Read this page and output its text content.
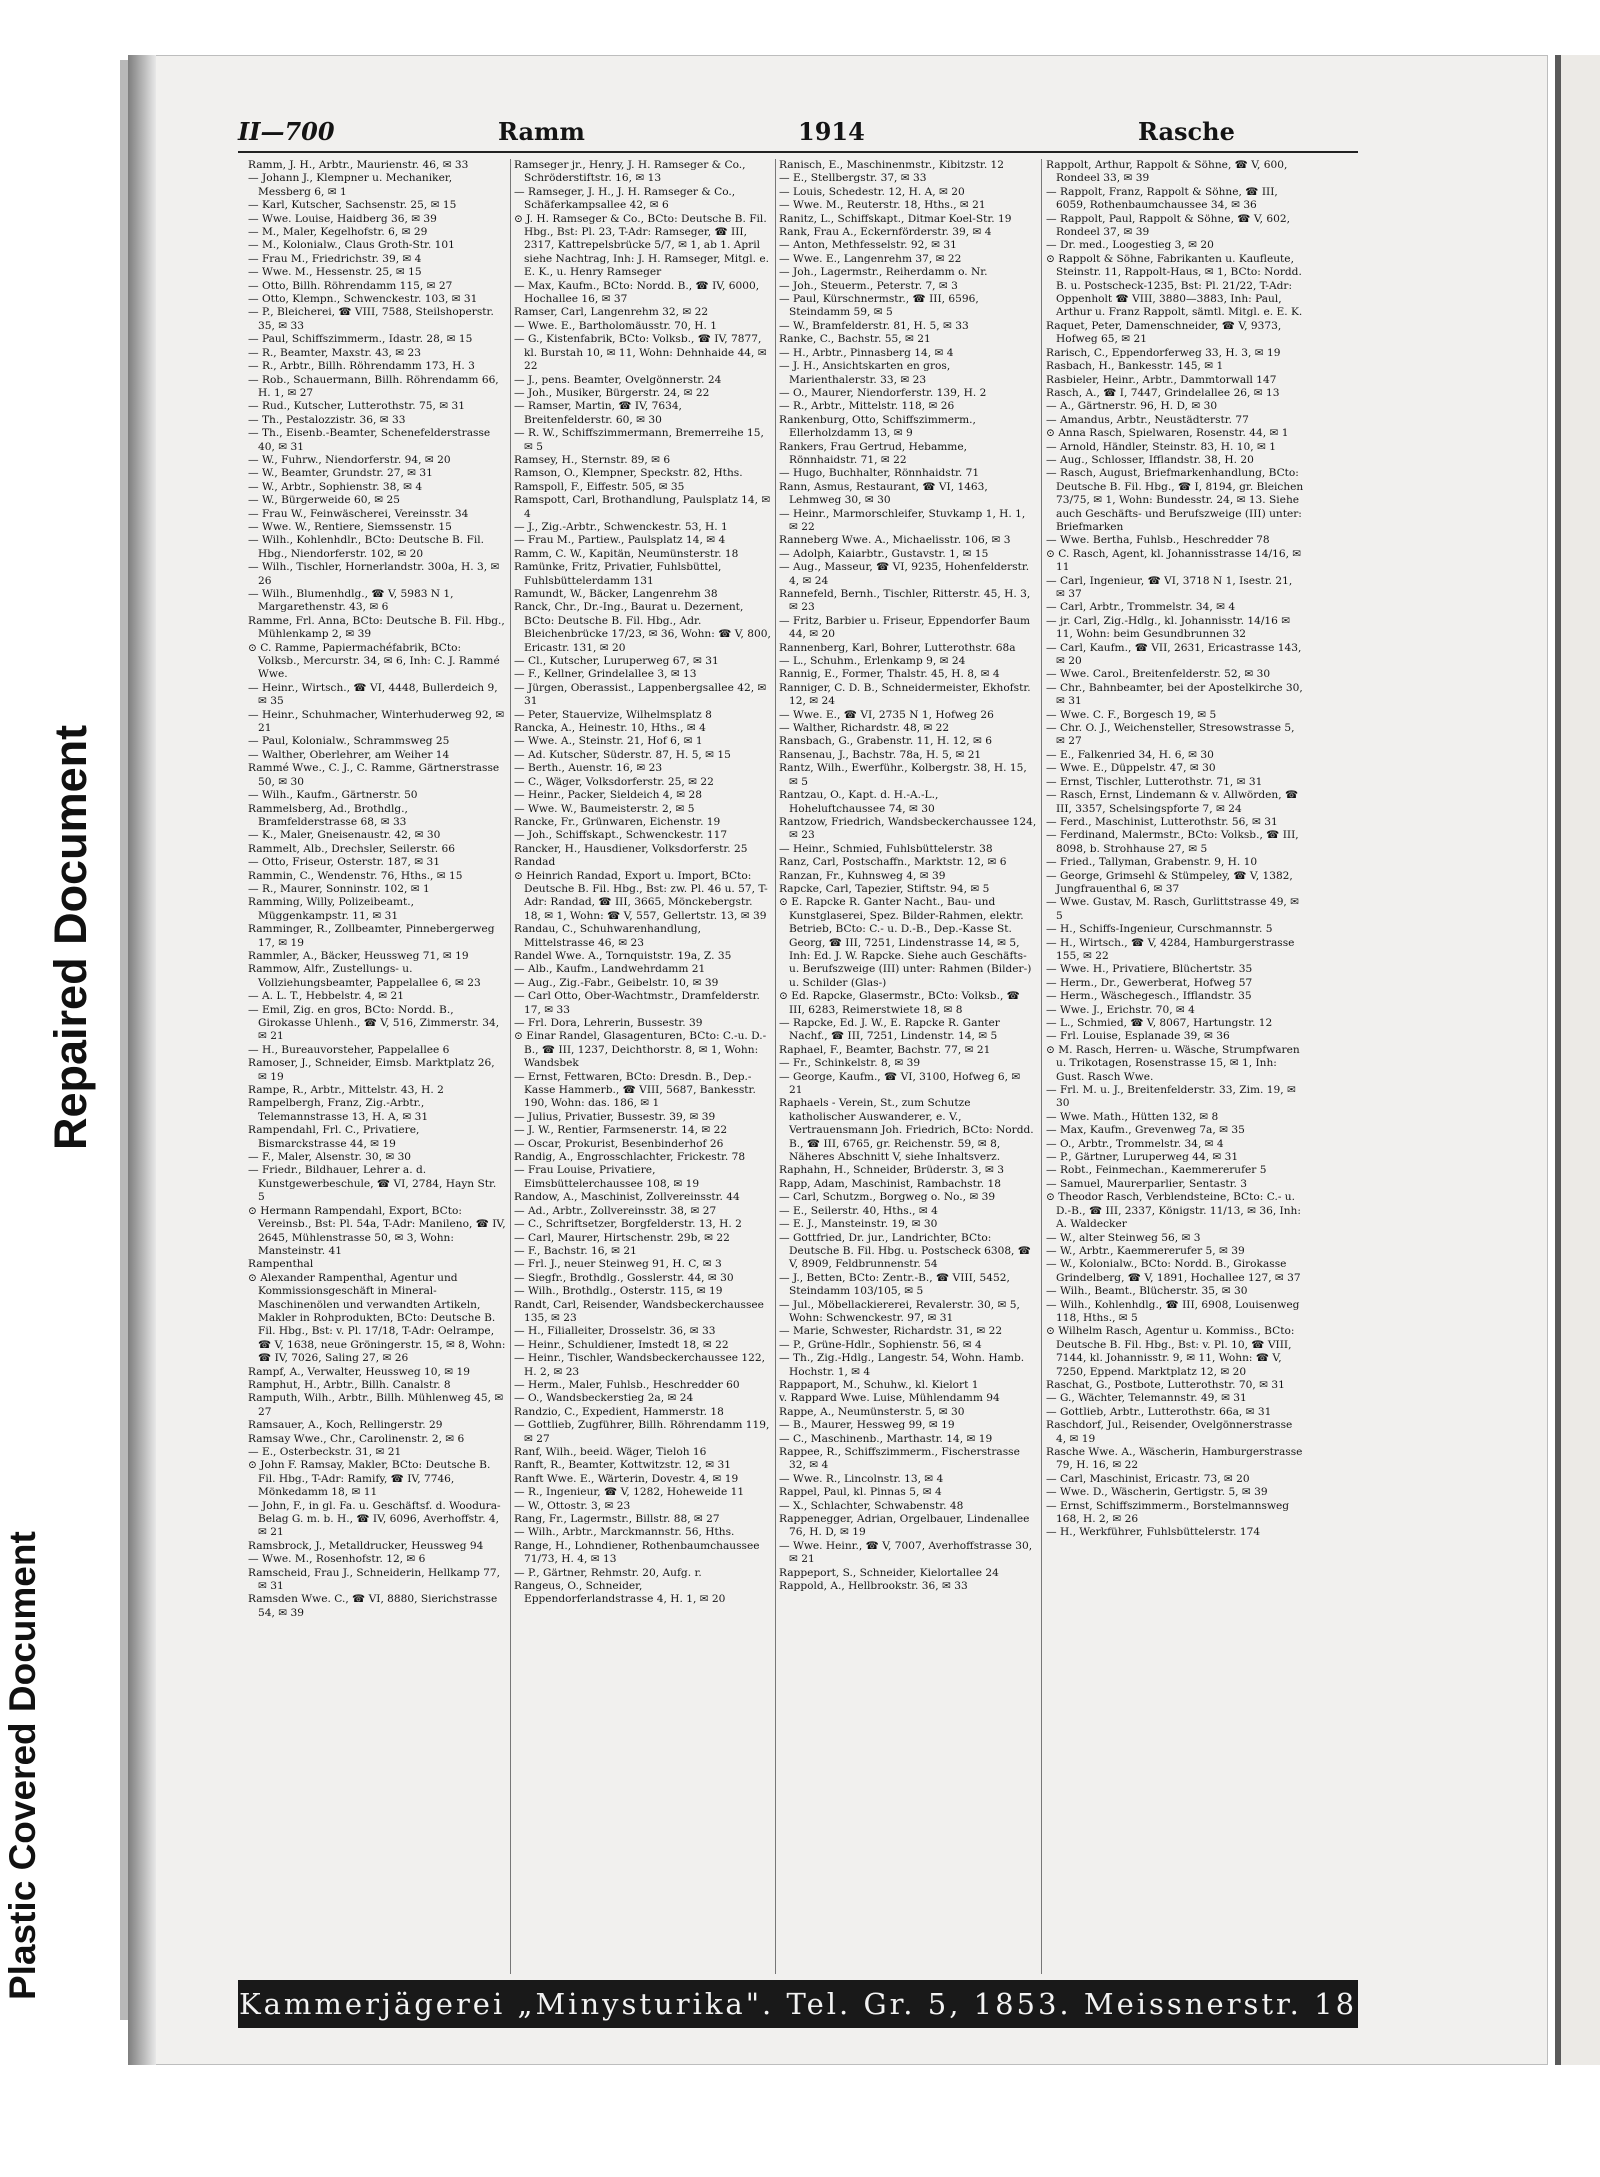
Plastic Covered Document
Repaired Document
II—700	Ramm	1914	Rasche

Ramm, J. H., Arbtr., Maurienstr. 46, ✉ 33

— Johann J., Klempner u. Mechaniker, Messberg 6, ✉ 1

— Karl, Kutscher, Sachsenstr. 25, ✉ 15

— Wwe. Louise, Haidberg 36, ✉ 39

— M., Maler, Kegelhofstr. 6, ✉ 29

— M., Kolonialw., Claus Groth-Str. 101

— Frau M., Friedrichstr. 39, ✉ 4

— Wwe. M., Hessenstr. 25, ✉ 15

— Otto, Billh. Röhrendamm 115, ✉ 27

— Otto, Klempn., Schwenckestr. 103, ✉ 31

— P., Bleicherei, ☎ VIII, 7588, Steilshoperstr. 35, ✉ 33

— Paul, Schiffszimmerm., Idastr. 28, ✉ 15

— R., Beamter, Maxstr. 43, ✉ 23

— R., Arbtr., Billh. Röhrendamm 173, H. 3

— Rob., Schauermann, Billh. Röhrendamm 66, H. 1, ✉ 27

— Rud., Kutscher, Lutterothstr. 75, ✉ 31

— Th., Pestalozzistr. 36, ✉ 33

— Th., Eisenb.-Beamter, Schenefelderstrasse 40, ✉ 31

— W., Fuhrw., Niendorferstr. 94, ✉ 20

— W., Beamter, Grundstr. 27, ✉ 31

— W., Arbtr., Sophienstr. 38, ✉ 4

— W., Bürgerweide 60, ✉ 25

— Frau W., Feinwäscherei, Vereinsstr. 34

— Wwe. W., Rentiere, Siemssenstr. 15

— Wilh., Kohlenhdlr., BCto: Deutsche B. Fil. Hbg., Niendorferstr. 102, ✉ 20

— Wilh., Tischler, Hornerlandstr. 300a, H. 3, ✉ 26

— Wilh., Blumenhdlg., ☎ V, 5983 N 1, Margarethenstr. 43, ✉ 6

Ramme, Frl. Anna, BCto: Deutsche B. Fil. Hbg., Mühlenkamp 2, ✉ 39

⊙ C. Ramme, Papiermachéfabrik, BCto: Volksb., Mercurstr. 34, ✉ 6, Inh: C. J. Rammé Wwe.

— Heinr., Wirtsch., ☎ VI, 4448, Bullerdeich 9, ✉ 35

— Heinr., Schuhmacher, Winterhuderweg 92, ✉ 21

— Paul, Kolonialw., Schrammsweg 25

— Walther, Oberlehrer, am Weiher 14

Rammé Wwe., C. J., C. Ramme, Gärtnerstrasse 50, ✉ 30

— Wilh., Kaufm., Gärtnerstr. 50

Rammelsberg, Ad., Brothdlg., Bramfelderstrasse 68, ✉ 33

— K., Maler, Gneisenaustr. 42, ✉ 30

Rammelt, Alb., Drechsler, Seilerstr. 66

— Otto, Friseur, Osterstr. 187, ✉ 31

Rammin, C., Wendenstr. 76, Hths., ✉ 15

— R., Maurer, Sonninstr. 102, ✉ 1

Ramming, Willy, Polizeibeamt., Müggenkampstr. 11, ✉ 31

Ramminger, R., Zollbeamter, Pinnebergerweg 17, ✉ 19

Rammler, A., Bäcker, Heussweg 71, ✉ 19

Rammow, Alfr., Zustellungs- u. Vollziehungsbeamter, Pappelallee 6, ✉ 23

— A. L. T., Hebbelstr. 4, ✉ 21

— Emil, Zig. en gros, BCto: Nordd. B., Girokasse Uhlenh., ☎ V, 516, Zimmerstr. 34, ✉ 21

— H., Bureauvorsteher, Pappelallee 6

Ramoser, J., Schneider, Eimsb. Marktplatz 26, ✉ 19

Rampe, R., Arbtr., Mittelstr. 43, H. 2

Rampelbergh, Franz, Zig.-Arbtr., Telemannstrasse 13, H. A, ✉ 31

Rampendahl, Frl. C., Privatiere, Bismarckstrasse 44, ✉ 19

— F., Maler, Alsenstr. 30, ✉ 30

— Friedr., Bildhauer, Lehrer a. d. Kunstgewerbeschule, ☎ VI, 2784, Hayn Str. 5

⊙ Hermann Rampendahl, Export, BCto: Vereinsb., Bst: Pl. 54a, T-Adr: Manileno, ☎ IV, 2645, Mühlenstrasse 50, ✉ 3, Wohn: Mansteinstr. 41

Rampenthal

⊙ Alexander Rampenthal, Agentur und Kommissionsgeschäft in Mineral-Maschinenölen und verwandten Artikeln, Makler in Rohprodukten, BCto: Deutsche B. Fil. Hbg., Bst: v. Pl. 17/18, T-Adr: Oelrampe, ☎ V, 1638, neue Gröningerstr. 15, ✉ 8, Wohn: ☎ IV, 7026, Saling 27, ✉ 26

Rampf, A., Verwalter, Heussweg 10, ✉ 19

Ramphut, H., Arbtr., Billh. Canalstr. 8

Ramputh, Wilh., Arbtr., Billh. Mühlenweg 45, ✉ 27

Ramsauer, A., Koch, Rellingerstr. 29

Ramsay Wwe., Chr., Carolinenstr. 2, ✉ 6

— E., Osterbeckstr. 31, ✉ 21

⊙ John F. Ramsay, Makler, BCto: Deutsche B. Fil. Hbg., T-Adr: Ramify, ☎ IV, 7746, Mönkedamm 18, ✉ 11

— John, F., in gl. Fa. u. Geschäftsf. d. Woodura-Belag G. m. b. H., ☎ IV, 6096, Averhoffstr. 4, ✉ 21

Ramsbrock, J., Metalldrucker, Heussweg 94

— Wwe. M., Rosenhofstr. 12, ✉ 6

Ramscheid, Frau J., Schneiderin, Hellkamp 77, ✉ 31

Ramsden Wwe. C., ☎ VI, 8880, Sierichstrasse 54, ✉ 39

Ramseger jr., Henry, J. H. Ramseger & Co., Schröderstiftstr. 16, ✉ 13

— Ramseger, J. H., J. H. Ramseger & Co., Schäferkampsallee 42, ✉ 6

⊙ J. H. Ramseger & Co., BCto: Deutsche B. Fil. Hbg., Bst: Pl. 23, T-Adr: Ramseger, ☎ III, 2317, Kattrepelsbrücke 5/7, ✉ 1, ab 1. April siehe Nachtrag, Inh: J. H. Ramseger, Mitgl. e. E. K., u. Henry Ramseger

— Max, Kaufm., BCto: Nordd. B., ☎ IV, 6000, Hochallee 16, ✉ 37

Ramser, Carl, Langenrehm 32, ✉ 22

— Wwe. E., Bartholomäusstr. 70, H. 1

— G., Kistenfabrik, BCto: Volksb., ☎ IV, 7877, kl. Burstah 10, ✉ 11, Wohn: Dehnhaide 44, ✉ 22

— J., pens. Beamter, Ovelgönnerstr. 24

— Joh., Musiker, Bürgerstr. 24, ✉ 22

— Ramser, Martin, ☎ IV, 7634, Breitenfelderstr. 60, ✉ 30

— R. W., Schiffszimmermann, Bremerreihe 15, ✉ 5

Ramsey, H., Sternstr. 89, ✉ 6

Ramson, O., Klempner, Speckstr. 82, Hths.

Ramspoll, F., Eiffestr. 505, ✉ 35

Ramspott, Carl, Brothandlung, Paulsplatz 14, ✉ 4

— J., Zig.-Arbtr., Schwenckestr. 53, H. 1

— Frau M., Partiew., Paulsplatz 14, ✉ 4

Ramm, C. W., Kapitän, Neumünsterstr. 18

Ramünke, Fritz, Privatier, Fuhlsbüttel, Fuhlsbüttelerdamm 131

Ramundt, W., Bäcker, Langenrehm 38

Ranck, Chr., Dr.-Ing., Baurat u. Dezernent, BCto: Deutsche B. Fil. Hbg., Adr. Bleichenbrücke 17/23, ✉ 36, Wohn: ☎ V, 800, Ericastr. 131, ✉ 20

— Cl., Kutscher, Luruperweg 67, ✉ 31

— F., Kellner, Grindelallee 3, ✉ 13

— Jürgen, Oberassist., Lappenbergsallee 42, ✉ 31

— Peter, Stauervize, Wilhelmsplatz 8

Rancka, A., Heinestr. 10, Hths., ✉ 4

— Wwe. A., Steinstr. 21, Hof 6, ✉ 1

— Ad. Kutscher, Süderstr. 87, H. 5, ✉ 15

— Berth., Auenstr. 16, ✉ 23

— C., Wäger, Volksdorferstr. 25, ✉ 22

— Heinr., Packer, Sieldeich 4, ✉ 28

— Wwe. W., Baumeisterstr. 2, ✉ 5

Rancke, Fr., Grünwaren, Eichenstr. 19

— Joh., Schiffskapt., Schwenckestr. 117

Rancker, H., Hausdiener, Volksdorferstr. 25

Randad

⊙ Heinrich Randad, Export u. Import, BCto: Deutsche B. Fil. Hbg., Bst: zw. Pl. 46 u. 57, T-Adr: Randad, ☎ III, 3665, Mönckebergstr. 18, ✉ 1, Wohn: ☎ V, 557, Gellertstr. 13, ✉ 39

Randau, C., Schuhwarenhandlung, Mittelstrasse 46, ✉ 23

Randel Wwe. A., Tornquiststr. 19a, Z. 35

— Alb., Kaufm., Landwehrdamm 21

— Aug., Zig.-Fabr., Geibelstr. 10, ✉ 39

— Carl Otto, Ober-Wachtmstr., Dramfelderstr. 17, ✉ 33

— Frl. Dora, Lehrerin, Bussestr. 39

⊙ Einar Randel, Glasagenturen, BCto: C.-u. D.-B., ☎ III, 1237, Deichthorstr. 8, ✉ 1, Wohn: Wandsbek

— Ernst, Fettwaren, BCto: Dresdn. B., Dep.-Kasse Hammerb., ☎ VIII, 5687, Bankesstr. 190, Wohn: das. 186, ✉ 1

— Julius, Privatier, Bussestr. 39, ✉ 39

— J. W., Rentier, Farmsenerstr. 14, ✉ 22

— Oscar, Prokurist, Besenbinderhof 26

Randig, A., Engrosschlachter, Frickestr. 78

— Frau Louise, Privatiere, Eimsbüttelerchaussee 108, ✉ 19

Randow, A., Maschinist, Zollvereinsstr. 44

— Ad., Arbtr., Zollvereinsstr. 38, ✉ 27

— C., Schriftsetzer, Borgfelderstr. 13, H. 2

— Carl, Maurer, Hirtschenstr. 29b, ✉ 22

— F., Bachstr. 16, ✉ 21

— Frl. J., neuer Steinweg 91, H. C, ✉ 3

— Siegfr., Brothdlg., Gosslerstr. 44, ✉ 30

— Wilh., Brothdlg., Osterstr. 115, ✉ 19

Randt, Carl, Reisender, Wandsbeckerchaussee 135, ✉ 23

— H., Filialleiter, Drosselstr. 36, ✉ 33

— Heinr., Schuldiener, Imstedt 18, ✉ 22

— Heinr., Tischler, Wandsbeckerchaussee 122, H. 2, ✉ 23

— Herm., Maler, Fuhlsb., Heschredder 60

— O., Wandsbeckerstieg 2a, ✉ 24

Randzio, C., Expedient, Hammerstr. 18

— Gottlieb, Zugführer, Billh. Röhrendamm 119, ✉ 27

Ranf, Wilh., beeid. Wäger, Tieloh 16

Ranft, R., Beamter, Kottwitzstr. 12, ✉ 31

Ranft Wwe. E., Wärterin, Dovestr. 4, ✉ 19

— R., Ingenieur, ☎ V, 1282, Hoheweide 11

— W., Ottostr. 3, ✉ 23

Rang, Fr., Lagermstr., Billstr. 88, ✉ 27

— Wilh., Arbtr., Marckmannstr. 56, Hths.

Range, H., Lohndiener, Rothenbaumchaussee 71/73, H. 4, ✉ 13

— P., Gärtner, Rehmstr. 20, Aufg. r.

Rangeus, O., Schneider, Eppendorferlandstrasse 4, H. 1, ✉ 20

Ranisch, E., Maschinenmstr., Kibitzstr. 12

— E., Stellbergstr. 37, ✉ 33

— Louis, Schedestr. 12, H. A, ✉ 20

— Wwe. M., Reuterstr. 18, Hths., ✉ 21

Ranitz, L., Schiffskapt., Ditmar Koel-Str. 19

Rank, Frau A., Eckernförderstr. 39, ✉ 4

— Anton, Methfesselstr. 92, ✉ 31

— Wwe. E., Langenrehm 37, ✉ 22

— Joh., Lagermstr., Reiherdamm o. Nr.

— Joh., Steuerm., Peterstr. 7, ✉ 3

— Paul, Kürschnermstr., ☎ III, 6596, Steindamm 59, ✉ 5

— W., Bramfelderstr. 81, H. 5, ✉ 33

Ranke, C., Bachstr. 55, ✉ 21

— H., Arbtr., Pinnasberg 14, ✉ 4

— J. H., Ansichtskarten en gros, Marienthalerstr. 33, ✉ 23

— O., Maurer, Niendorferstr. 139, H. 2

— R., Arbtr., Mittelstr. 118, ✉ 26

Rankenburg, Otto, Schiffszimmerm., Ellerholzdamm 13, ✉ 9

Rankers, Frau Gertrud, Hebamme, Rönnhaidstr. 71, ✉ 22

— Hugo, Buchhalter, Rönnhaidstr. 71

Rann, Asmus, Restaurant, ☎ VI, 1463, Lehmweg 30, ✉ 30

— Heinr., Marmorschleifer, Stuvkamp 1, H. 1, ✉ 22

Ranneberg Wwe. A., Michaelisstr. 106, ✉ 3

— Adolph, Kaiarbtr., Gustavstr. 1, ✉ 15

— Aug., Masseur, ☎ VI, 9235, Hohenfelderstr. 4, ✉ 24

Rannefeld, Bernh., Tischler, Ritterstr. 45, H. 3, ✉ 23

— Fritz, Barbier u. Friseur, Eppendorfer Baum 44, ✉ 20

Rannenberg, Karl, Bohrer, Lutterothstr. 68a

— L., Schuhm., Erlenkamp 9, ✉ 24

Rannig, E., Former, Thalstr. 45, H. 8, ✉ 4

Ranniger, C. D. B., Schneidermeister, Ekhofstr. 12, ✉ 24

— Wwe. E., ☎ VI, 2735 N 1, Hofweg 26

— Walther, Richardstr. 48, ✉ 22

Ransbach, G., Grabenstr. 11, H. 12, ✉ 6

Ransenau, J., Bachstr. 78a, H. 5, ✉ 21

Rantz, Wilh., Ewerführ., Kolbergstr. 38, H. 15, ✉ 5

Rantzau, O., Kapt. d. H.-A.-L., Hoheluftchaussee 74, ✉ 30

Rantzow, Friedrich, Wandsbeckerchaussee 124, ✉ 23

— Heinr., Schmied, Fuhlsbüttelerstr. 38

Ranz, Carl, Postschaffn., Marktstr. 12, ✉ 6

Ranzan, Fr., Kuhnsweg 4, ✉ 39

Rapcke, Carl, Tapezier, Stiftstr. 94, ✉ 5

⊙ E. Rapcke R. Ganter Nacht., Bau- und Kunstglaserei, Spez. Bilder-Rahmen, elektr. Betrieb, BCto: C.- u. D.-B., Dep.-Kasse St. Georg, ☎ III, 7251, Lindenstrasse 14, ✉ 5, Inh: Ed. J. W. Rapcke. Siehe auch Geschäfts- u. Berufszweige (III) unter: Rahmen (Bilder-) u. Schilder (Glas-)

⊙ Ed. Rapcke, Glasermstr., BCto: Volksb., ☎ III, 6283, Reimerstwiete 18, ✉ 8

— Rapcke, Ed. J. W., E. Rapcke R. Ganter Nachf., ☎ III, 7251, Lindenstr. 14, ✉ 5

Raphael, F., Beamter, Bachstr. 77, ✉ 21

— Fr., Schinkelstr. 8, ✉ 39

— George, Kaufm., ☎ VI, 3100, Hofweg 6, ✉ 21

Raphaels - Verein, St., zum Schutze katholischer Auswanderer, e. V., Vertrauensmann Joh. Friedrich, BCto: Nordd. B., ☎ III, 6765, gr. Reichenstr. 59, ✉ 8, Näheres Abschnitt V, siehe Inhaltsverz.

Raphahn, H., Schneider, Brüderstr. 3, ✉ 3

Rapp, Adam, Maschinist, Rambachstr. 18

— Carl, Schutzm., Borgweg o. No., ✉ 39

— E., Seilerstr. 40, Hths., ✉ 4

— E. J., Mansteinstr. 19, ✉ 30

— Gottfried, Dr. jur., Landrichter, BCto: Deutsche B. Fil. Hbg. u. Postscheck 6308, ☎ V, 8909, Feldbrunnenstr. 54

— J., Betten, BCto: Zentr.-B., ☎ VIII, 5452, Steindamm 103/105, ✉ 5

— Jul., Möbellackiererei, Revalerstr. 30, ✉ 5, Wohn: Schwenckestr. 97, ✉ 31

— Marie, Schwester, Richardstr. 31, ✉ 22

— P., Grüne-Hdlr., Sophienstr. 56, ✉ 4

— Th., Zig.-Hdlg., Langestr. 54, Wohn. Hamb. Hochstr. 1, ✉ 4

Rappaport, M., Schuhw., kl. Kielort 1

v. Rappard Wwe. Luise, Mühlendamm 94

Rappe, A., Neumünsterstr. 5, ✉ 30

— B., Maurer, Hessweg 99, ✉ 19

— C., Maschinenb., Marthastr. 14, ✉ 19

Rappee, R., Schiffszimmerm., Fischerstrasse 32, ✉ 4

— Wwe. R., Lincolnstr. 13, ✉ 4

Rappel, Paul, kl. Pinnas 5, ✉ 4

— X., Schlachter, Schwabenstr. 48

Rappenegger, Adrian, Orgelbauer, Lindenallee 76, H. D, ✉ 19

— Wwe. Heinr., ☎ V, 7007, Averhoffstrasse 30, ✉ 21

Rappeport, S., Schneider, Kielortallee 24

Rappold, A., Hellbrookstr. 36, ✉ 33

Rappolt, Arthur, Rappolt & Söhne, ☎ V, 600, Rondeel 33, ✉ 39

— Rappolt, Franz, Rappolt & Söhne, ☎ III, 6059, Rothenbaumchaussee 34, ✉ 36

— Rappolt, Paul, Rappolt & Söhne, ☎ V, 602, Rondeel 37, ✉ 39

— Dr. med., Loogestieg 3, ✉ 20

⊙ Rappolt & Söhne, Fabrikanten u. Kaufleute, Steinstr. 11, Rappolt-Haus, ✉ 1, BCto: Nordd. B. u. Postscheck-1235, Bst: Pl. 21/22, T-Adr: Oppenholt ☎ VIII, 3880—3883, Inh: Paul, Arthur u. Franz Rappolt, sämtl. Mitgl. e. E. K.

Raquet, Peter, Damenschneider, ☎ V, 9373, Hofweg 65, ✉ 21

Rarisch, C., Eppendorferweg 33, H. 3, ✉ 19

Rasbach, H., Bankesstr. 145, ✉ 1

Rasbieler, Heinr., Arbtr., Dammtorwall 147

Rasch, A., ☎ I, 7447, Grindelallee 26, ✉ 13

— A., Gärtnerstr. 96, H. D, ✉ 30

— Amandus, Arbtr., Neustädterstr. 77

⊙ Anna Rasch, Spielwaren, Rosenstr. 44, ✉ 1

— Arnold, Händler, Steinstr. 83, H. 10, ✉ 1

— Aug., Schlosser, Ifflandstr. 38, H. 20

— Rasch, August, Briefmarkenhandlung, BCto: Deutsche B. Fil. Hbg., ☎ I, 8194, gr. Bleichen 73/75, ✉ 1, Wohn: Bundesstr. 24, ✉ 13. Siehe auch Geschäfts- und Berufszweige (III) unter: Briefmarken

— Wwe. Bertha, Fuhlsb., Heschredder 78

⊙ C. Rasch, Agent, kl. Johannisstrasse 14/16, ✉ 11

— Carl, Ingenieur, ☎ VI, 3718 N 1, Isestr. 21, ✉ 37

— Carl, Arbtr., Trommelstr. 34, ✉ 4

— jr. Carl, Zig.-Hdlg., kl. Johannisstr. 14/16 ✉ 11, Wohn: beim Gesundbrunnen 32

— Carl, Kaufm., ☎ VII, 2631, Ericastrasse 143, ✉ 20

— Wwe. Carol., Breitenfelderstr. 52, ✉ 30

— Chr., Bahnbeamter, bei der Apostelkirche 30, ✉ 31

— Wwe. C. F., Borgesch 19, ✉ 5

— Chr. O. J., Weichensteller, Stresowstrasse 5, ✉ 27

— E., Falkenried 34, H. 6, ✉ 30

— Wwe. E., Düppelstr. 47, ✉ 30

— Ernst, Tischler, Lutterothstr. 71, ✉ 31

— Rasch, Ernst, Lindemann & v. Allwörden, ☎ III, 3357, Schelsingspforte 7, ✉ 24

— Ferd., Maschinist, Lutterothstr. 56, ✉ 31

— Ferdinand, Malermstr., BCto: Volksb., ☎ III, 8098, b. Strohhause 27, ✉ 5

— Fried., Tallyman, Grabenstr. 9, H. 10

— George, Grimsehl & Stümpeley, ☎ V, 1382, Jungfrauenthal 6, ✉ 37

— Wwe. Gustav, M. Rasch, Gurlittstrasse 49, ✉ 5

— H., Schiffs-Ingenieur, Curschmannstr. 5

— H., Wirtsch., ☎ V, 4284, Hamburgerstrasse 155, ✉ 22

— Wwe. H., Privatiere, Blüchertstr. 35

— Herm., Dr., Gewerberat, Hofweg 57

— Herm., Wäschegesch., Ifflandstr. 35

— Wwe. J., Erichstr. 70, ✉ 4

— L., Schmied, ☎ V, 8067, Hartungstr. 12

— Frl. Louise, Esplanade 39, ✉ 36

⊙ M. Rasch, Herren- u. Wäsche, Strumpfwaren u. Trikotagen, Rosenstrasse 15, ✉ 1, Inh: Gust. Rasch Wwe.

— Frl. M. u. J., Breitenfelderstr. 33, Zim. 19, ✉ 30

— Wwe. Math., Hütten 132, ✉ 8

— Max, Kaufm., Grevenweg 7a, ✉ 35

— O., Arbtr., Trommelstr. 34, ✉ 4

— P., Gärtner, Luruperweg 44, ✉ 31

— Robt., Feinmechan., Kaemmererufer 5

— Samuel, Maurerparlier, Sentastr. 3

⊙ Theodor Rasch, Verblendsteine, BCto: C.- u. D.-B., ☎ III, 2337, Königstr. 11/13, ✉ 36, Inh: A. Waldecker

— W., alter Steinweg 56, ✉ 3

— W., Arbtr., Kaemmererufer 5, ✉ 39

— W., Kolonialw., BCto: Nordd. B., Girokasse Grindelberg, ☎ V, 1891, Hochallee 127, ✉ 37

— Wilh., Beamt., Blücherstr. 35, ✉ 30

— Wilh., Kohlenhdlg., ☎ III, 6908, Louisenweg 118, Hths., ✉ 5

⊙ Wilhelm Rasch, Agentur u. Kommiss., BCto: Deutsche B. Fil. Hbg., Bst: v. Pl. 10, ☎ VIII, 7144, kl. Johannisstr. 9, ✉ 11, Wohn: ☎ V, 7250, Eppend. Marktplatz 12, ✉ 20

Raschat, G., Postbote, Lutterothstr. 70, ✉ 31

— G., Wächter, Telemannstr. 49, ✉ 31

— Gottlieb, Arbtr., Lutterothstr. 66a, ✉ 31

Raschdorf, Jul., Reisender, Ovelgönnerstrasse 4, ✉ 19

Rasche Wwe. A., Wäscherin, Hamburgerstrasse 79, H. 16, ✉ 22

— Carl, Maschinist, Ericastr. 73, ✉ 20

— Wwe. D., Wäscherin, Gertigstr. 5, ✉ 39

— Ernst, Schiffszimmerm., Borstelmannsweg 168, H. 2, ✉ 26

— H., Werkführer, Fuhlsbüttelerstr. 174

Kammerjägerei „Minysturika". Tel. Gr. 5, 1853. Meissnerstr. 18
